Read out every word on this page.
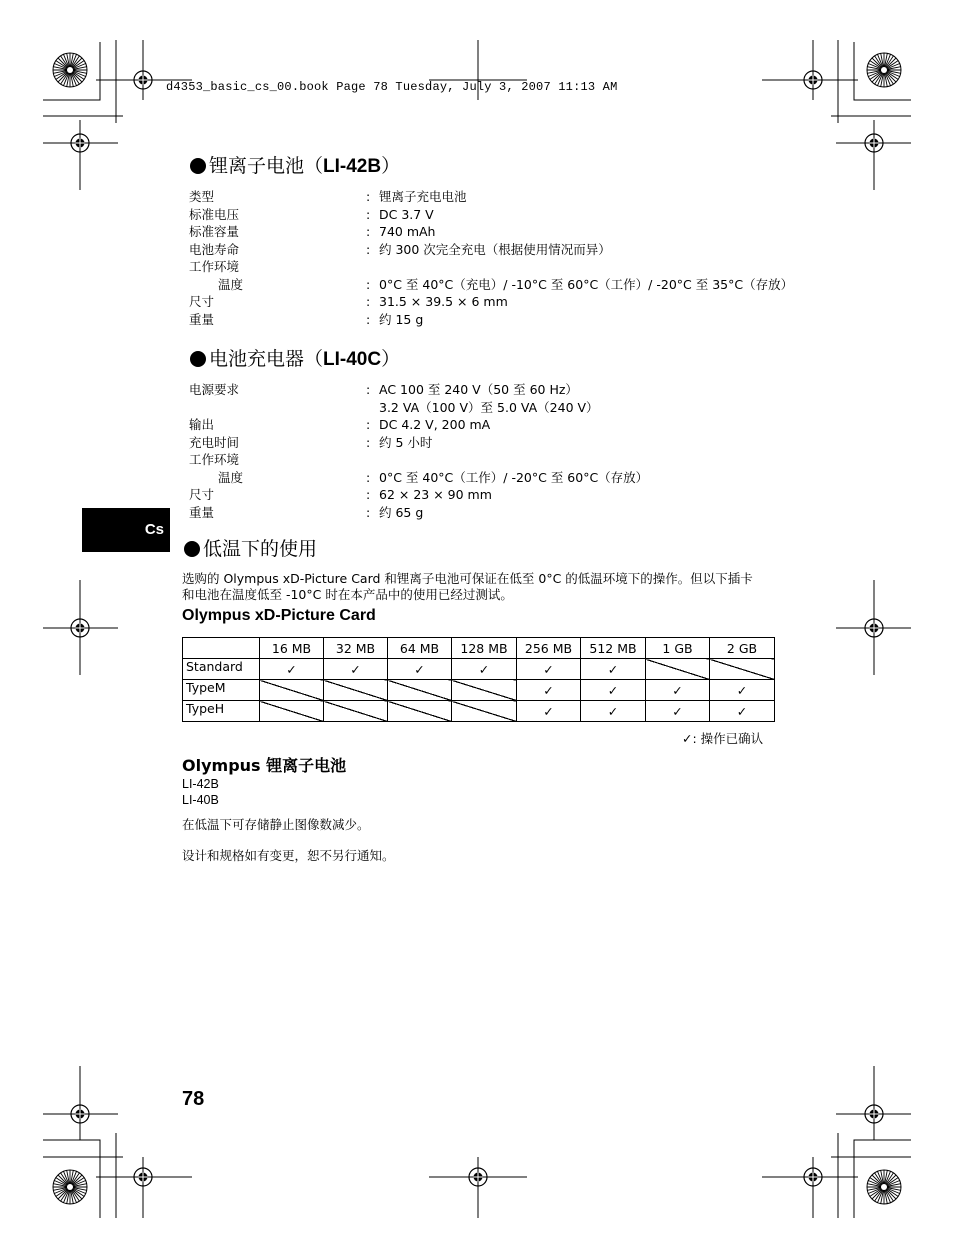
d4353_basic_cs_00.book Page 78 Tuesday, July 3, 2007 11:13 AM
锂离子电池（LI-42B）
类型	: 锂离子充电电池
标准电压	: DC 3.7 V
标准容量	: 740 mAh
电池寿命	: 约 300 次完全充电（根据使用情况而异）
工作环境
温度	: 0°C 至 40°C（充电）/ -10°C 至 60°C（工作）/ -20°C 至 35°C（存放）
尺寸	: 31.5 × 39.5 × 6 mm
重量	: 约 15 g
电池充电器（LI-40C）
电源要求	: AC 100 至 240 V（50 至 60 Hz）
3.2 VA（100 V）至 5.0 VA（240 V）
输出	: DC 4.2 V, 200 mA
充电时间	: 约 5 小时
工作环境
温度	: 0°C 至 40°C（工作）/ -20°C 至 60°C（存放）
尺寸	: 62 × 23 × 90 mm
重量	: 约 65 g
Cs
低温下的使用
选购的 Olympus xD-Picture Card 和锂离子电池可保证在低至 0°C 的低温环境下的操作。但以下插卡
和电池在温度低至 -10°C 时在本产品中的使用已经过测试。
Olympus xD-Picture Card
	16 MB	32 MB	64 MB	128 MB	256 MB	512 MB	1 GB	2 GB
Standard	✓	✓	✓	✓	✓	✓		
TypeM					✓	✓	✓	✓
TypeH					✓	✓	✓	✓
✓: 操作已确认
Olympus 锂离子电池
LI-42B
LI-40B
在低温下可存储静止图像数减少。
设计和规格如有变更，恕不另行通知。
78
